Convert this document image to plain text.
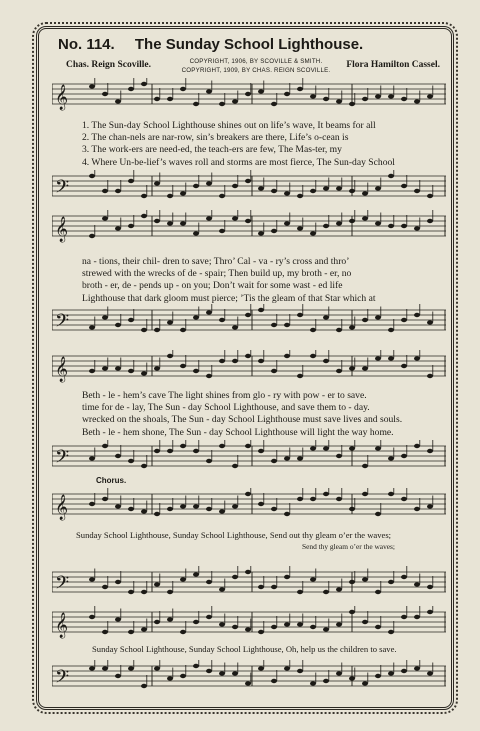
No. 114. The Sunday School Lighthouse.
Chas. Reign Scoville.	COPYRIGHT, 1906, BY SCOVILLE & SMITH.
COPYRIGHT, 1909, BY CHAS. REIGN SCOVILLE.
Flora Hamilton Cassel.
𝄞
1. The Sun-day School Lighthouse shines out on life’s wave, It beams for all
2. The chan-nels are nar-row, sin’s breakers are there, Life’s o-cean is
3. The work-ers are need-ed, the teach-ers are few, The Mas-ter, my
4. Where Un-be-lief’s waves roll and storms are most fierce, The Sun-day School
𝄢
𝄞
na - tions, their chil- dren to save; Thro’ Cal - va - ry’s cross and thro’
strewed with the wrecks of de - spair; Then build up, my broth - er, no
broth - er, de - pends up - on you; Don’t wait for some wast - ed life
Lighthouse that dark gloom must pierce; ’Tis the gleam of that Star which at
𝄢
𝄞
Beth - le - hem’s cave The light shines from glo - ry with pow - er to save.
time for de - lay, The Sun - day School Lighthouse, and save them to - day.
wrecked on the shoals, The Sun - day School Lighthouse must save lives and souls.
Beth - le - hem shone, The Sun - day School Lighthouse will light the way home.
𝄢
Chorus.
𝄞
Sunday School Lighthouse, Sunday School Lighthouse, Send out thy gleam o’er the waves;
Send thy gleam o’er the waves;
𝄢
𝄞
Sunday School Lighthouse, Sunday School Lighthouse, Oh, help us the children to save.
𝄢
